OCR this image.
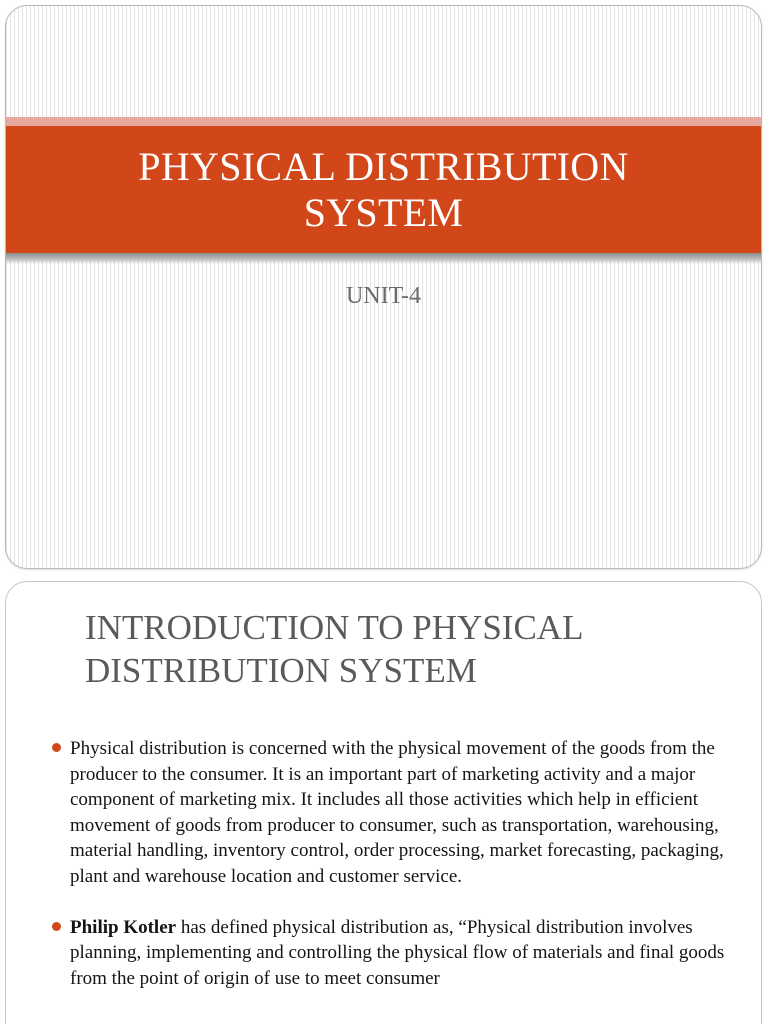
PHYSICAL DISTRIBUTION SYSTEM

UNIT-4

INTRODUCTION TO PHYSICAL DISTRIBUTION SYSTEM
Physical distribution is concerned with the physical movement of the goods from the producer to the consumer. It is an important part of marketing activity and a major component of marketing mix. It includes all those activities which help in efficient movement of goods from producer to consumer, such as transportation, warehousing, material handling, inventory control, order processing, market forecasting, packaging, plant and warehouse location and customer service.
Philip Kotler has defined physical distribution as, “Physical distribution involves planning, implementing and controlling the physical flow of materials and final goods from the point of origin of use to meet consumer
